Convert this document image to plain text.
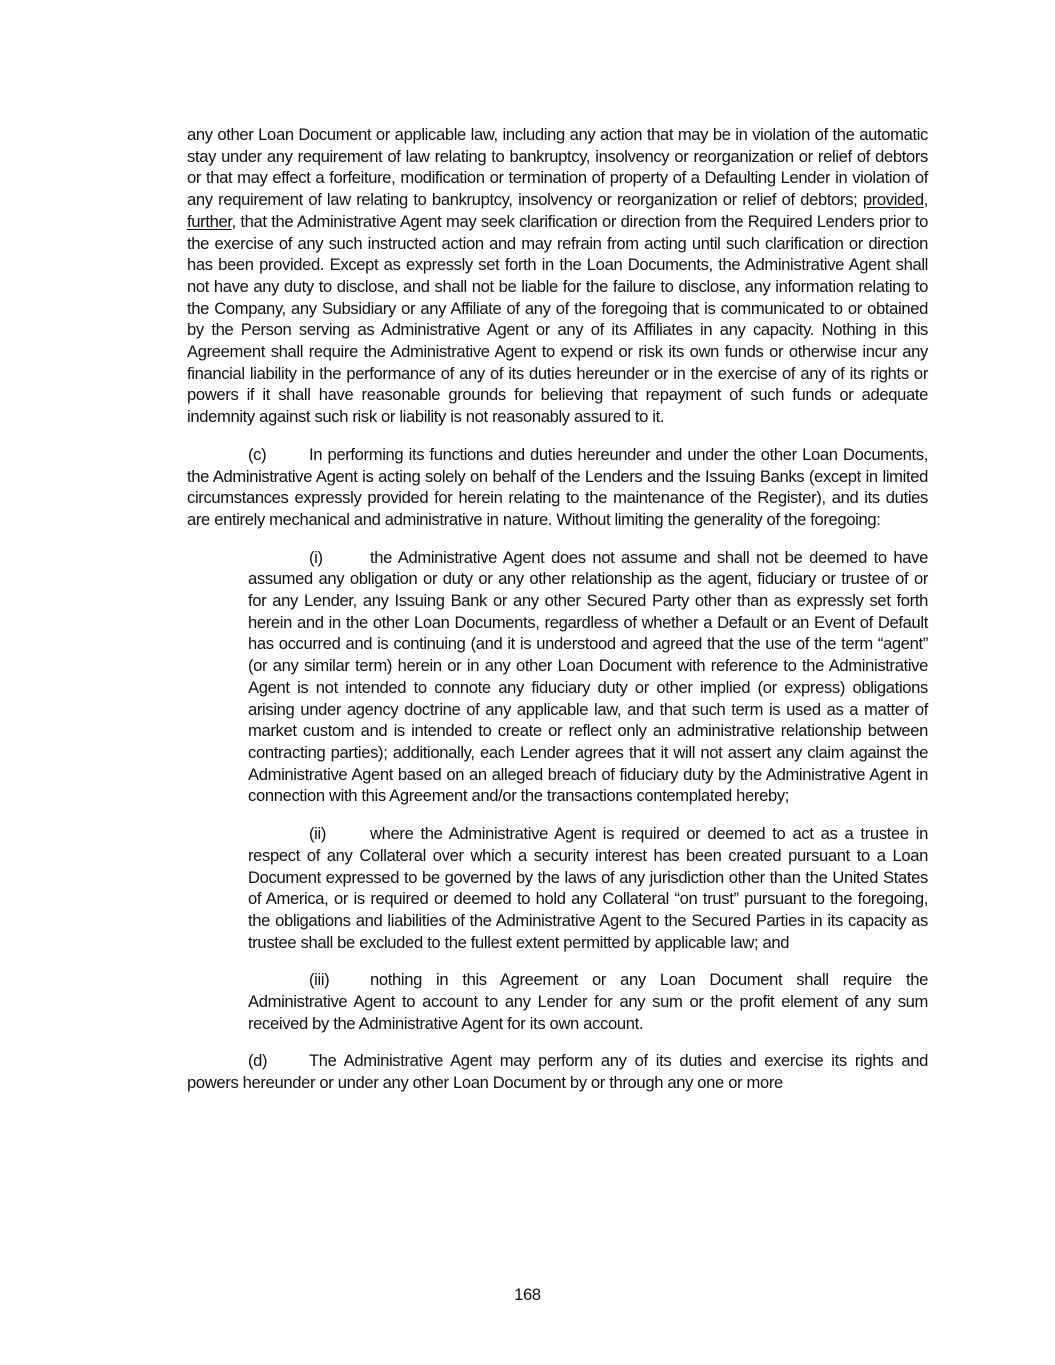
any other Loan Document or applicable law, including any action that may be in violation of the automatic stay under any requirement of law relating to bankruptcy, insolvency or reorganization or relief of debtors or that may effect a forfeiture, modification or termination of property of a Defaulting Lender in violation of any requirement of law relating to bankruptcy, insolvency or reorganization or relief of debtors; provided, further, that the Administrative Agent may seek clarification or direction from the Required Lenders prior to the exercise of any such instructed action and may refrain from acting until such clarification or direction has been provided. Except as expressly set forth in the Loan Documents, the Administrative Agent shall not have any duty to disclose, and shall not be liable for the failure to disclose, any information relating to the Company, any Subsidiary or any Affiliate of any of the foregoing that is communicated to or obtained by the Person serving as Administrative Agent or any of its Affiliates in any capacity. Nothing in this Agreement shall require the Administrative Agent to expend or risk its own funds or otherwise incur any financial liability in the performance of any of its duties hereunder or in the exercise of any of its rights or powers if it shall have reasonable grounds for believing that repayment of such funds or adequate indemnity against such risk or liability is not reasonably assured to it.

(c)	In performing its functions and duties hereunder and under the other Loan Documents, the Administrative Agent is acting solely on behalf of the Lenders and the Issuing Banks (except in limited circumstances expressly provided for herein relating to the maintenance of the Register), and its duties are entirely mechanical and administrative in nature. Without limiting the generality of the foregoing:

(i)	the Administrative Agent does not assume and shall not be deemed to have assumed any obligation or duty or any other relationship as the agent, fiduciary or trustee of or for any Lender, any Issuing Bank or any other Secured Party other than as expressly set forth herein and in the other Loan Documents, regardless of whether a Default or an Event of Default has occurred and is continuing (and it is understood and agreed that the use of the term “agent” (or any similar term) herein or in any other Loan Document with reference to the Administrative Agent is not intended to connote any fiduciary duty or other implied (or express) obligations arising under agency doctrine of any applicable law, and that such term is used as a matter of market custom and is intended to create or reflect only an administrative relationship between contracting parties); additionally, each Lender agrees that it will not assert any claim against the Administrative Agent based on an alleged breach of fiduciary duty by the Administrative Agent in connection with this Agreement and/or the transactions contemplated hereby;

(ii)	where the Administrative Agent is required or deemed to act as a trustee in respect of any Collateral over which a security interest has been created pursuant to a Loan Document expressed to be governed by the laws of any jurisdiction other than the United States of America, or is required or deemed to hold any Collateral “on trust” pursuant to the foregoing, the obligations and liabilities of the Administrative Agent to the Secured Parties in its capacity as trustee shall be excluded to the fullest extent permitted by applicable law; and

(iii) nothing in this Agreement or any Loan Document shall require the Administrative Agent to account to any Lender for any sum or the profit element of any sum received by the Administrative Agent for its own account.

(d)	The Administrative Agent may perform any of its duties and exercise its rights and powers hereunder or under any other Loan Document by or through any one or more

168
